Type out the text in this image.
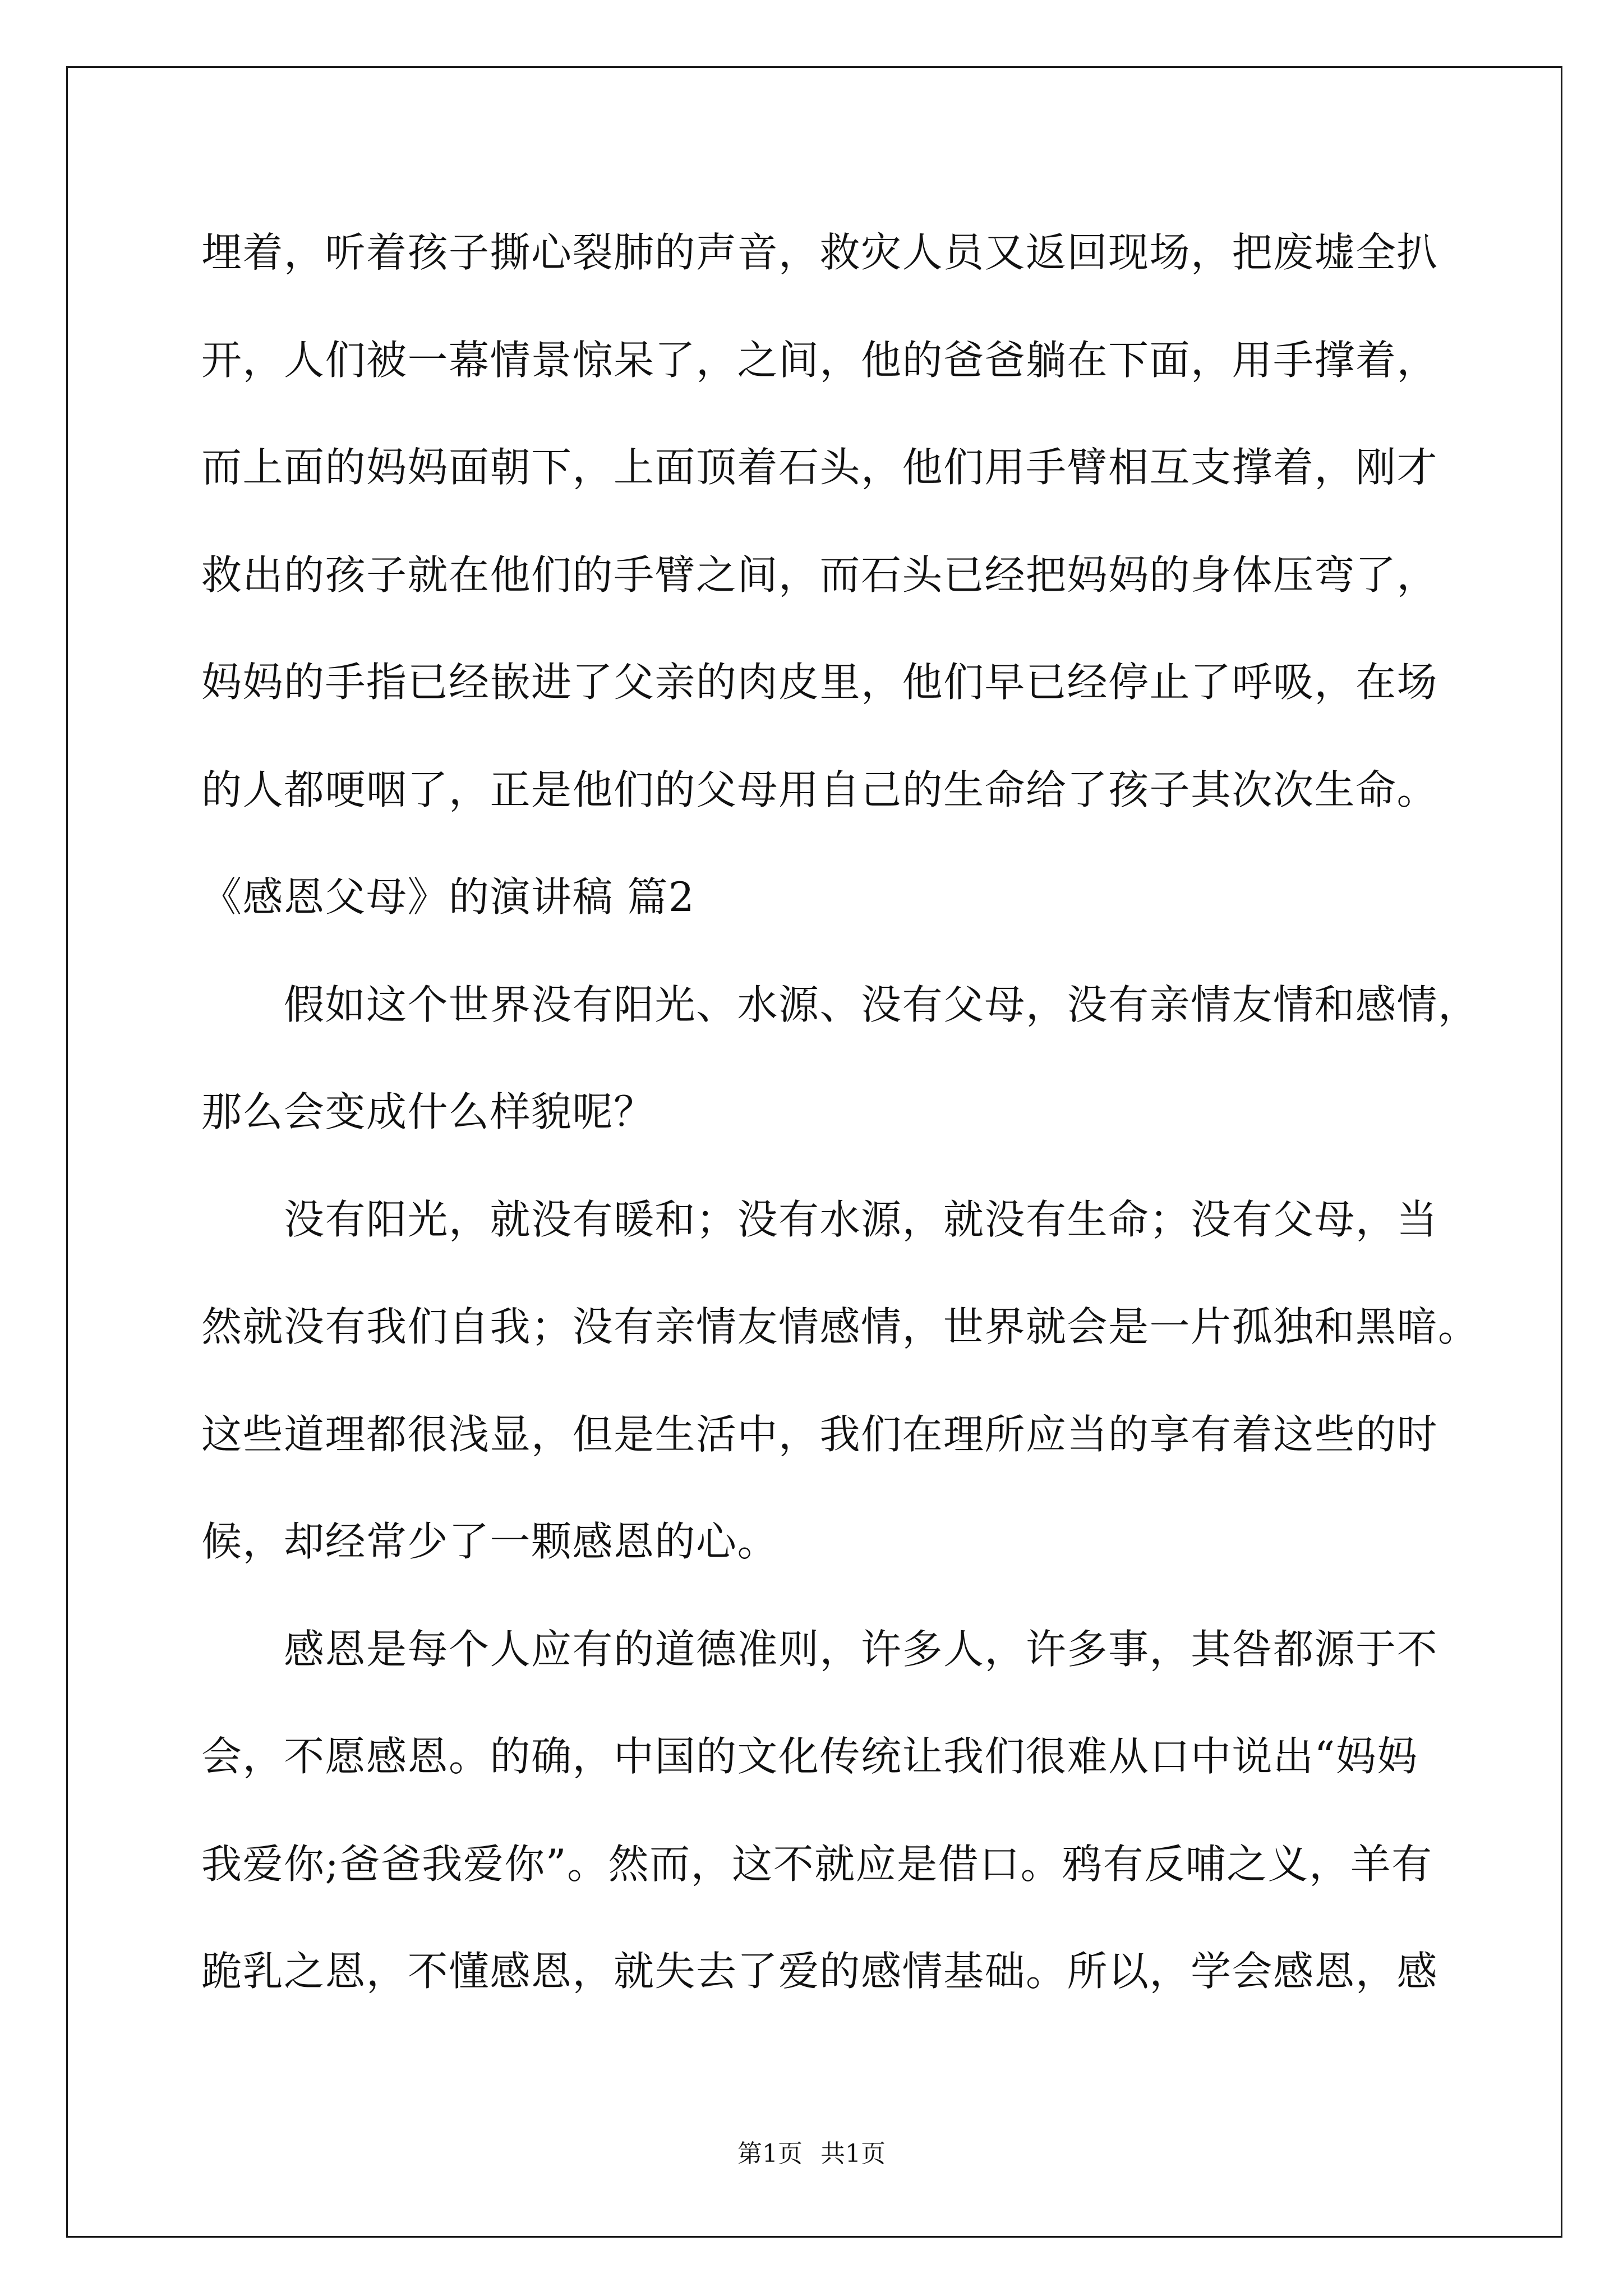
埋着，听着孩子撕心裂肺的声音，救灾人员又返回现场，把废墟全扒
开，人们被一幕情景惊呆了，之间，他的爸爸躺在下面，用手撑着，
而上面的妈妈面朝下，上面顶着石头，他们用手臂相互支撑着，刚才
救出的孩子就在他们的手臂之间，而石头已经把妈妈的身体压弯了，
妈妈的手指已经嵌进了父亲的肉皮里，他们早已经停止了呼吸，在场
的人都哽咽了，正是他们的父母用自己的生命给了孩子其次次生命。
《感恩父母》的演讲稿 篇2
假如这个世界没有阳光、水源、没有父母，没有亲情友情和感情，
那么会变成什么样貌呢？
没有阳光，就没有暖和；没有水源，就没有生命；没有父母，当
然就没有我们自我；没有亲情友情感情，世界就会是一片孤独和黑暗。
这些道理都很浅显，但是生活中，我们在理所应当的享有着这些的时
候，却经常少了一颗感恩的心。
感恩是每个人应有的道德准则，许多人，许多事，其咎都源于不
会，不愿感恩。的确，中国的文化传统让我们很难从口中说出“妈妈
我爱你;爸爸我爱你”。然而，这不就应是借口。鸦有反哺之义，羊有
跪乳之恩，不懂感恩，就失去了爱的感情基础。所以，学会感恩，感
第1页 共1页
